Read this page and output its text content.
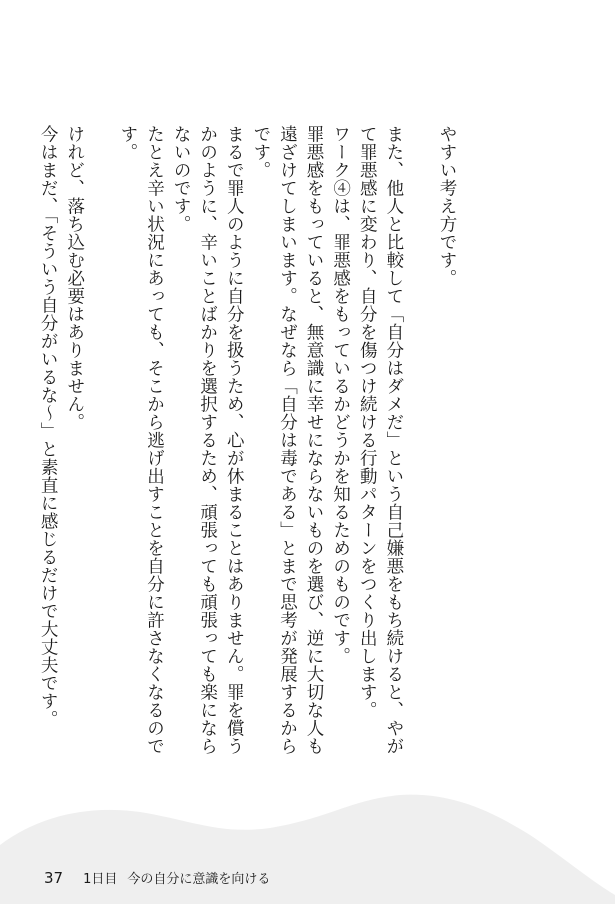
やすい考え方です。

また、他人と比較して「自分はダメだ」という自己嫌悪をもち続けると、やがて罪悪感に変わり、自分を傷つけ続ける行動パターンをつくり出します。

ワーク④は、罪悪感をもっているかどうかを知るためのものです。

罪悪感をもっていると、無意識に幸せにならないものを選び、逆に大切な人も遠ざけてしまいます。なぜなら「自分は毒である」とまで思考が発展するからです。

まるで罪人のように自分を扱うため、心が休まることはありません。罪を償うかのように、辛いことばかりを選択するため、頑張っても頑張っても楽にならないのです。

たとえ辛い状況にあっても、そこから逃げ出すことを自分に許さなくなるのです。

けれど、落ち込む必要はありません。

今はまだ、「そういう自分がいるな〜」と素直に感じるだけで大丈夫です。

37 1日目 今の自分に意識を向ける
